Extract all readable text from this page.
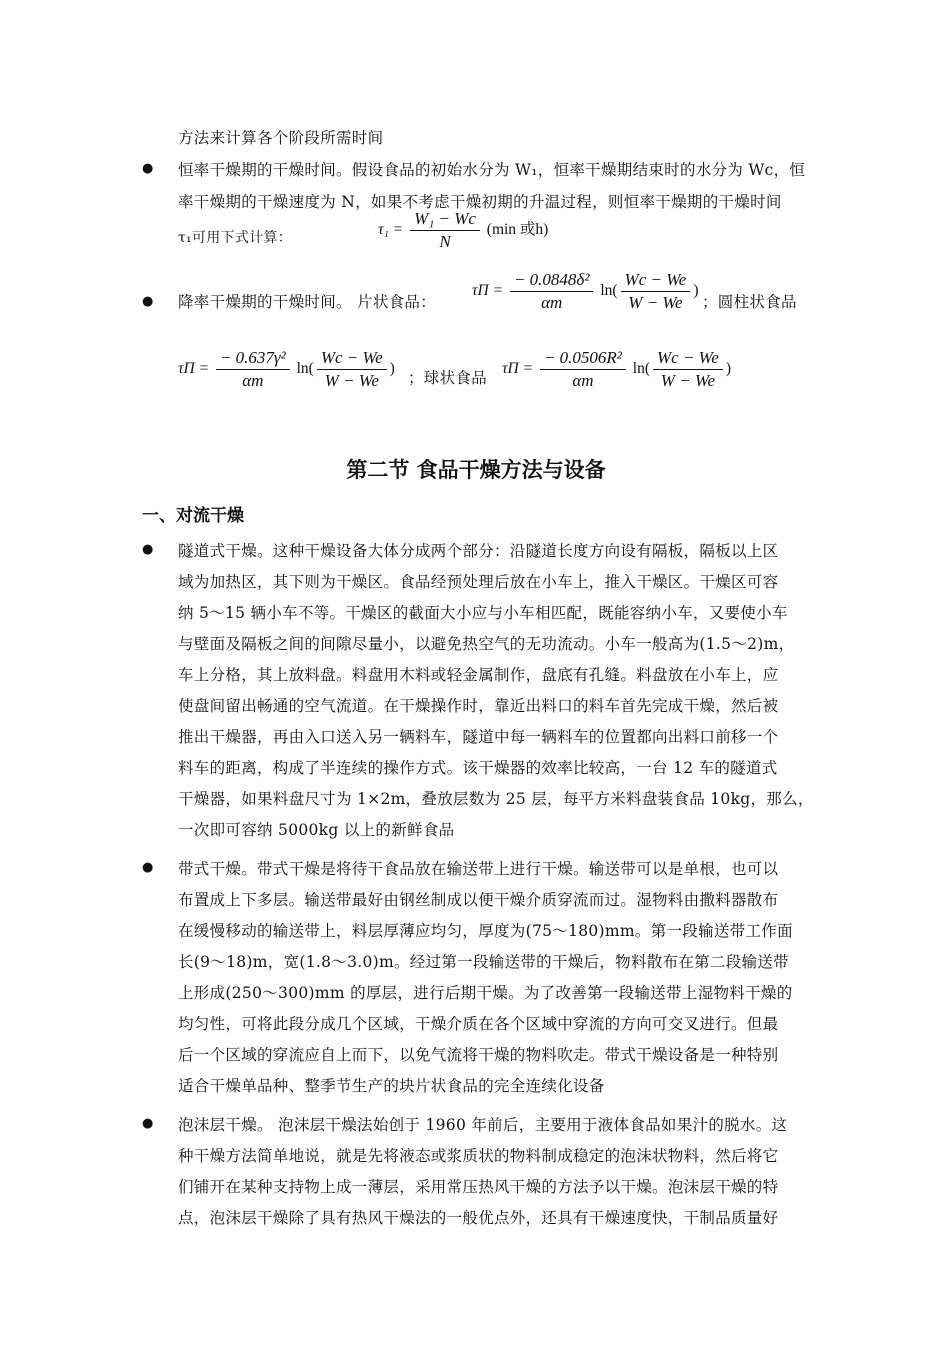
方法来计算各个阶段所需时间
● 恒率干燥期的干燥时间。假设食品的初始水分为 W₁，恒率干燥期结束时的水分为 Wc，恒
率干燥期的干燥速度为 N，如果不考虑干燥初期的升温过程，则恒率干燥期的干燥时间
τ₁可用下式计算：	$\tau_1 = \frac{\text{W₁ − Wc}}{N} (\min$ 或h)
● 降率干燥期的干燥时间。 片状食品：
$\tau\Pi = \frac{\text{− 0.0848δ²}}{\alpha m} \ln( \frac{Wc - We}{W - We}$ )
；圆柱状食品
$\tau\Pi = \frac{\text{− 0.637γ²}}{\alpha m} \ln( \frac{Wc - We}{W - We}$ )
；球状食品
$\tau\Pi = \frac{\text{− 0.0506R²}}{\alpha m} \ln( \frac{Wc - We}{W - We}$ )
第二节 食品干燥方法与设备
一、对流干燥
● 隧道式干燥。这种干燥设备大体分成两个部分：沿隧道长度方向设有隔板，隔板以上区
域为加热区，其下则为干燥区。食品经预处理后放在小车上，推入干燥区。干燥区可容
纳 5～15 辆小车不等。干燥区的截面大小应与小车相匹配，既能容纳小车，又要使小车
与壁面及隔板之间的间隙尽量小，以避免热空气的无功流动。小车一般高为(1.5～2)m，
车上分格，其上放料盘。料盘用木料或轻金属制作，盘底有孔缝。料盘放在小车上，应
使盘间留出畅通的空气流道。在干燥操作时，靠近出料口的料车首先完成干燥，然后被
推出干燥器，再由入口送入另一辆料车，隧道中每一辆料车的位置都向出料口前移一个
料车的距离，构成了半连续的操作方式。该干燥器的效率比较高，一台 12 车的隧道式
干燥器，如果料盘尺寸为 1×2m，叠放层数为 25 层，每平方米料盘装食品 10kg，那么，
一次即可容纳 5000kg 以上的新鲜食品
● 带式干燥。带式干燥是将待干食品放在输送带上进行干燥。输送带可以是单根，也可以
布置成上下多层。输送带最好由钢丝制成以便干燥介质穿流而过。湿物料由撒料器散布
在缓慢移动的输送带上，料层厚薄应均匀，厚度为(75～180)mm。第一段输送带工作面
长(9～18)m，宽(1.8～3.0)m。经过第一段输送带的干燥后，物料散布在第二段输送带
上形成(250～300)mm 的厚层，进行后期干燥。为了改善第一段输送带上湿物料干燥的
均匀性，可将此段分成几个区域，干燥介质在各个区域中穿流的方向可交叉进行。但最
后一个区域的穿流应自上而下，以免气流将干燥的物料吹走。带式干燥设备是一种特别
适合干燥单品种、整季节生产的块片状食品的完全连续化设备
● 泡沫层干燥。 泡沫层干燥法始创于 1960 年前后，主要用于液体食品如果汁的脱水。这
种干燥方法简单地说，就是先将液态或浆质状的物料制成稳定的泡沫状物料，然后将它
们铺开在某种支持物上成一薄层，采用常压热风干燥的方法予以干燥。泡沫层干燥的特
点，泡沫层干燥除了具有热风干燥法的一般优点外，还具有干燥速度快，干制品质量好
